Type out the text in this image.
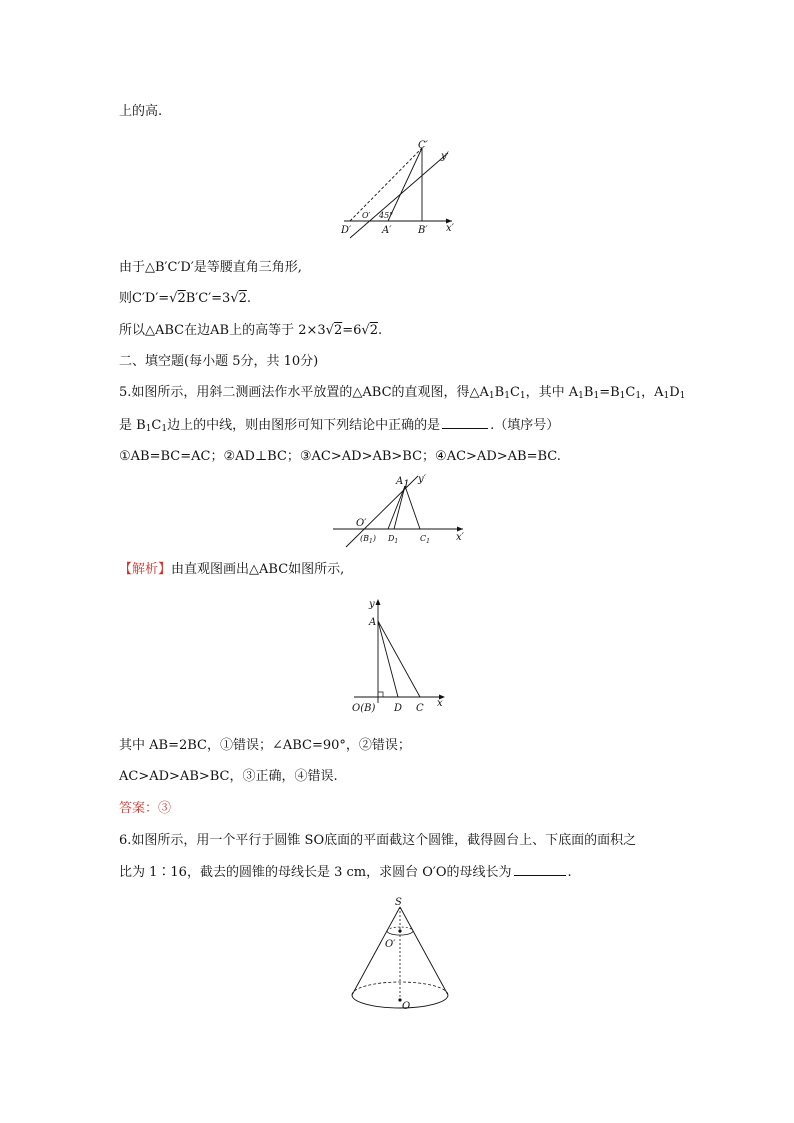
上的高.
C′
y′
O′ 45°
D′	A′	B′ x′
由于△B′C′D′是等腰直角三角形,
则C′D′=√2B′C′=3√2.
所以△ABC在边AB上的高等于 2×3√2=6√2.
二、填空题(每小题 5分，共 10分)
5.如图所示，用斜二测画法作水平放置的△ABC的直观图，得$\triangle A_1B_1C_1$，其中 $A_1B_1=B_1C_1$，$A_1D_1$
是 $B_1C_1$边上的中线，则由图形可知下列结论中正确的是	.（填序号）
①AB=BC=AC；②AD⊥BC；③AC>AD>AB>BC；④AC>AD>AB=BC.
A1 y′
O′
$(B_1)$ $D_1$	$C_1$	x′
【解析】由直观图画出△ABC如图所示,
y
A
O(B) D C x
其中 AB=2BC，①错误；∠ABC=90°，②错误；
AC>AD>AB>BC，③正确，④错误.
答案：③
6.如图所示，用一个平行于圆锥 SO底面的平面截这个圆锥，截得圆台上、下底面的面积之
比为 1∶16，截去的圆锥的母线长是 3 cm，求圆台 O′O的母线长为	.
S
O′
O
